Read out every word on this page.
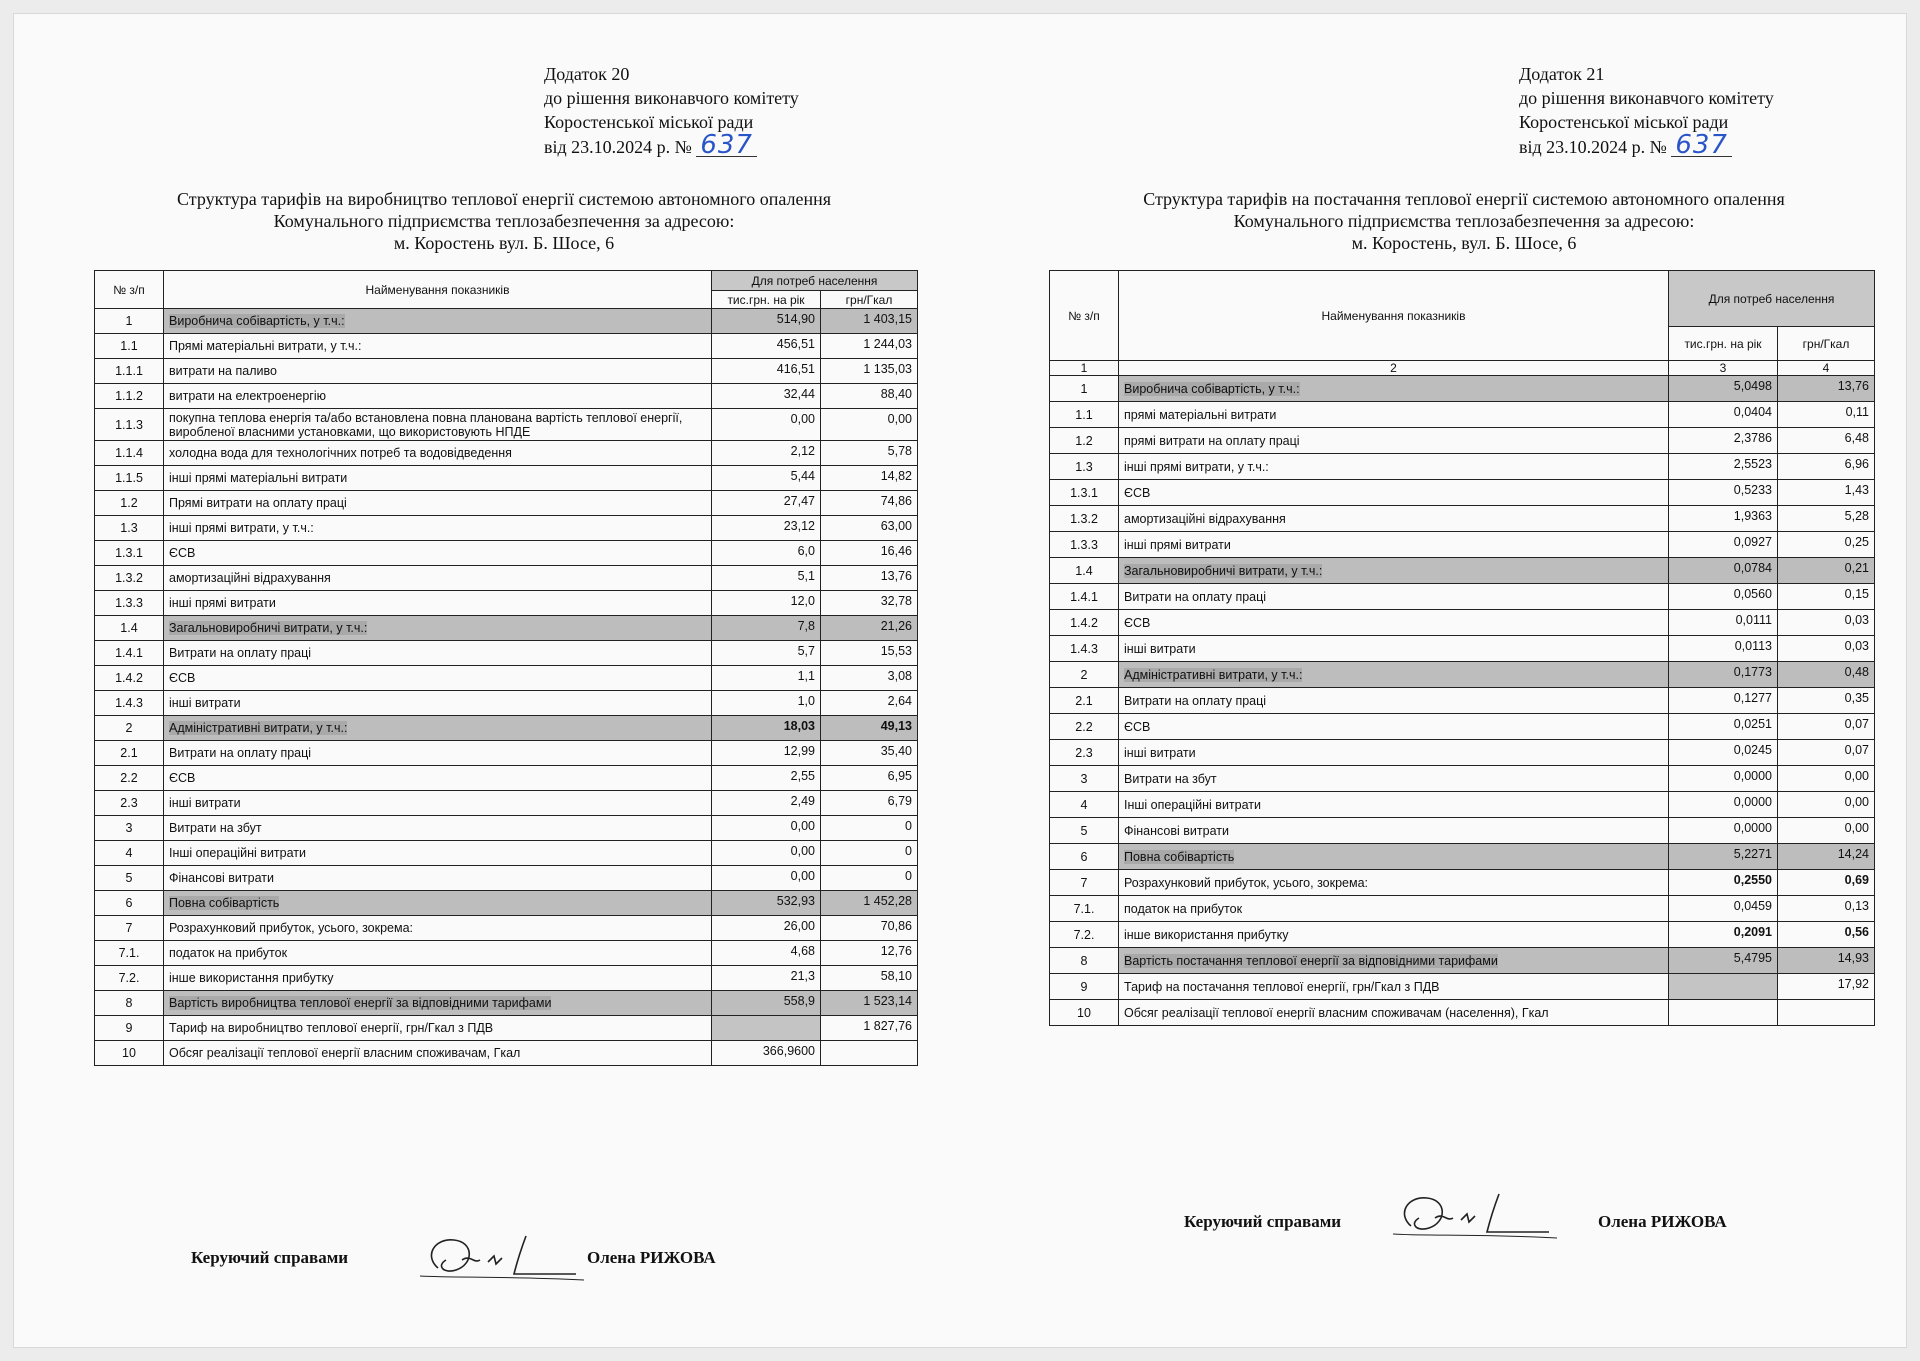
Додаток 20
до рішення виконавчого комітету
Коростенської міської ради
від 23.10.2024 р. № 637
Структура тарифів на виробництво теплової енергії системою автономного опалення
Комунального підприємства теплозабезпечення за адресою:
м. Коростень вул. Б. Шосе, 6
№ з/п	Найменування показників	Для потреб населення	
		тис.грн. на рік	грн/Гкал
1	Виробнича собівартість, у т.ч.:	514,90	1 403,15
1.1	Прямі матеріальні витрати, у т.ч.:	456,51	1 244,03
1.1.1	витрати на паливо	416,51	1 135,03
1.1.2	витрати на електроенергію	32,44	88,40
1.1.3	покупна теплова енергія та/або встановлена повна планована вартість теплової енергії, виробленої власними установками, що використовують НПДЕ	0,00	0,00
1.1.4	холодна вода для технологічних потреб та водовідведення	2,12	5,78
1.1.5	інші прямі матеріальні витрати	5,44	14,82
1.2	Прямі витрати на оплату праці	27,47	74,86
1.3	інші прямі витрати, у т.ч.:	23,12	63,00
1.3.1	ЄСВ	6,0	16,46
1.3.2	амортизаційні відрахування	5,1	13,76
1.3.3	інші прямі витрати	12,0	32,78
1.4	Загальновиробничі витрати, у т.ч.:	7,8	21,26
1.4.1	Витрати на оплату праці	5,7	15,53
1.4.2	ЄСВ	1,1	3,08
1.4.3	інші витрати	1,0	2,64
2	Адміністративні витрати, у т.ч.:	18,03	49,13
2.1	Витрати на оплату праці	12,99	35,40
2.2	ЄСВ	2,55	6,95
2.3	інші витрати	2,49	6,79
3	Витрати на збут	0,00	0
4	Інші операційні витрати	0,00	0
5	Фінансові витрати	0,00	0
6	Повна собівартість	532,93	1 452,28
7	Розрахунковий прибуток, усього, зокрема:	26,00	70,86
7.1.	податок на прибуток	4,68	12,76
7.2.	інше використання прибутку	21,3	58,10
8	Вартість виробництва теплової енергії за відповідними тарифами	558,9	1 523,14
9	Тариф на виробництво теплової енергії, грн/Гкал з ПДВ		1 827,76
10	Обсяг реалізації теплової енергії власним споживачам, Гкал	366,9600	
Керуючий справами	Олена РИЖОВА
Додаток 21
до рішення виконавчого комітету
Коростенської міської ради
від 23.10.2024 р. № 637
Структура тарифів на постачання теплової енергії системою автономного опалення
Комунального підприємства теплозабезпечення за адресою:
м. Коростень, вул. Б. Шосе, 6
№ з/п	Найменування показників	Для потреб населення	
		тис.грн. на рік	грн/Гкал
1	2	3	4
1	Виробнича собівартість, у т.ч.:	5,0498	13,76
1.1	прямі матеріальні витрати	0,0404	0,11
1.2	прямі витрати на оплату праці	2,3786	6,48
1.3	інші прямі витрати, у т.ч.:	2,5523	6,96
1.3.1	ЄСВ	0,5233	1,43
1.3.2	амортизаційні відрахування	1,9363	5,28
1.3.3	інші прямі витрати	0,0927	0,25
1.4	Загальновиробничі витрати, у т.ч.:	0,0784	0,21
1.4.1	Витрати на оплату праці	0,0560	0,15
1.4.2	ЄСВ	0,0111	0,03
1.4.3	інші витрати	0,0113	0,03
2	Адміністративні витрати, у т.ч.:	0,1773	0,48
2.1	Витрати на оплату праці	0,1277	0,35
2.2	ЄСВ	0,0251	0,07
2.3	інші витрати	0,0245	0,07
3	Витрати на збут	0,0000	0,00
4	Інші операційні витрати	0,0000	0,00
5	Фінансові витрати	0,0000	0,00
6	Повна собівартість	5,2271	14,24
7	Розрахунковий прибуток, усього, зокрема:	0,2550	0,69
7.1.	податок на прибуток	0,0459	0,13
7.2.	інше використання прибутку	0,2091	0,56
8	Вартість постачання теплової енергії за відповідними тарифами	5,4795	14,93
9	Тариф на постачання теплової енергії, грн/Гкал з ПДВ		17,92
10	Обсяг реалізації теплової енергії власним споживачам (населення), Гкал		
Керуючий справами	Олена РИЖОВА
